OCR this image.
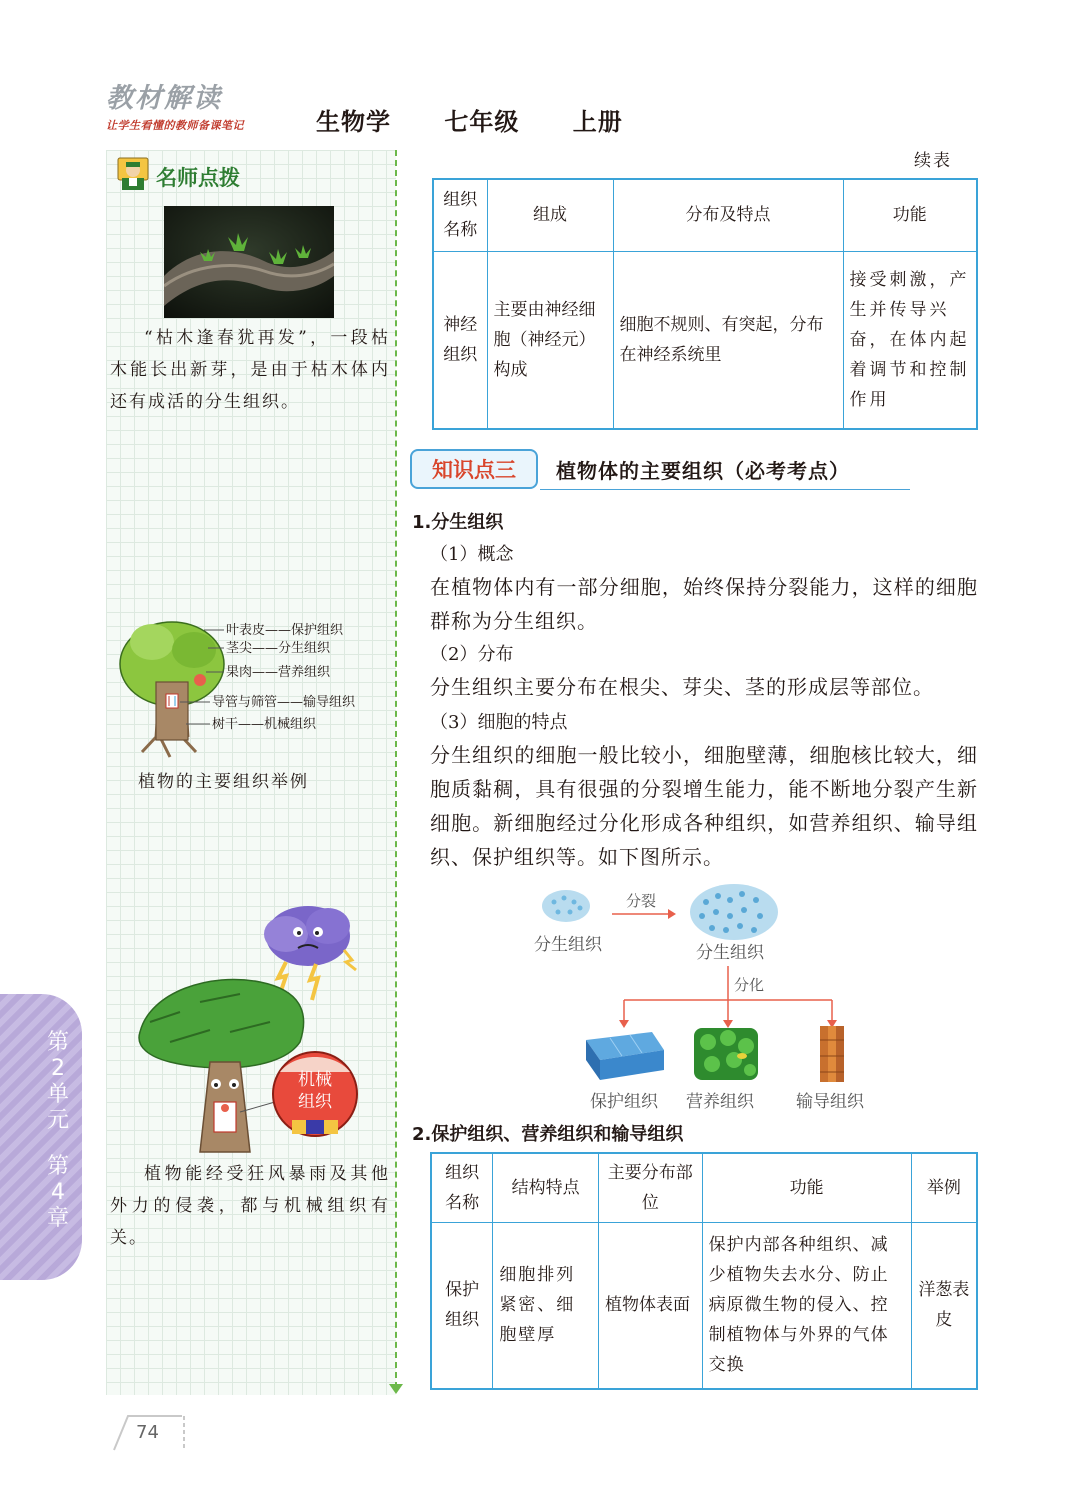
教材解读
让学生看懂的教师备课笔记	生物学 七年级 上册
名师点拨
“枯木逢春犹再发”，一段枯木能长出新芽，是由于枯木体内还有成活的分生组织。
叶表皮——保护组织
茎尖——分生组织
果肉——营养组织
导管与筛管——输导组织
树干——机械组织
植物的主要组织举例
机械
组织
植物能经受狂风暴雨及其他外力的侵袭，都与机械组织有关。
续表
组织名称	组成	分布及特点	功能
神经组织	主要由神经细胞（神经元）构成	细胞不规则、有突起，分布在神经系统里	接受刺激，产生并传导兴奋，在体内起着调节和控制作用
知识点三	植物体的主要组织（必考考点）
1.分生组织
（1）概念
在植物体内有一部分细胞，始终保持分裂能力，这样的细胞群称为分生组织。
（2）分布
分生组织主要分布在根尖、芽尖、茎的形成层等部位。
（3）细胞的特点
分生组织的细胞一般比较小，细胞壁薄，细胞核比较大，细胞质黏稠，具有很强的分裂增生能力，能不断地分裂产生新细胞。新细胞经过分化形成各种组织，如营养组织、输导组织、保护组织等。如下图所示。
分生组织
分裂
分生组织
分化
保护组织 营养组织 输导组织
2.保护组织、营养组织和输导组织
组织名称	结构特点	主要分布部位	功能	举例
保护组织	细胞排列紧密、细胞壁厚	植物体表面	保护内部各种组织、减少植物失去水分、防止病原微生物的侵入、控制植物体与外界的气体交换	洋葱表皮
第2单元
第4章
74
